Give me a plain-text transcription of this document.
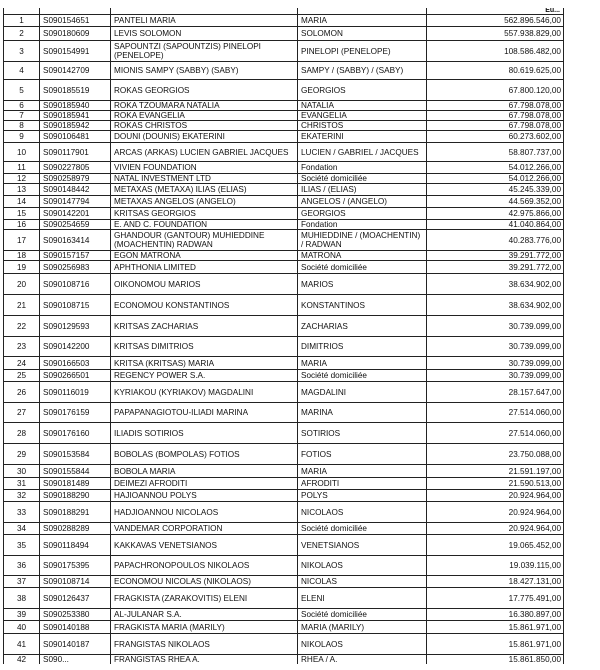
				Eu...
1	S090154651	PANTELI MARIA	MARIA	562.896.546,00
2	S090180609	LEVIS SOLOMON	SOLOMON	557.938.829,00
3	S090154991	SAPOUNTZI (SAPOUNTZIS) PINELOPI (PENELOPE)	PINELOPI (PENELOPE)	108.586.482,00
4	S090142709	MIONIS SAMPY (SABBY) (SABY)	SAMPY / (SABBY) / (SABY)	80.619.625,00
5	S090185519	ROKAS GEORGIOS	GEORGIOS	67.800.120,00
6	S090185940	ROKA TZOUMARA NATALIA	NATALIA	67.798.078,00
7	S090185941	ROKA EVANGELIA	EVANGELIA	67.798.078,00
8	S090185942	ROKAS CHRISTOS	CHRISTOS	67.798.078,00
9	S090106481	DOUNI (DOUNIS) EKATERINI	EKATERINI	60.273.602,00
10	S090117901	ARCAS (ARKAS) LUCIEN GABRIEL JACQUES	LUCIEN / GABRIEL / JACQUES	58.807.737,00
11	S090227805	VIVIEN FOUNDATION	Fondation	54.012.266,00
12	S090258979	NATAL INVESTMENT LTD	Société domiciliée	54.012.266,00
13	S090148442	METAXAS (METAXA) ILIAS (ELIAS)	ILIAS / (ELIAS)	45.245.339,00
14	S090147794	METAXAS ANGELOS (ANGELO)	ANGELOS / (ANGELO)	44.569.352,00
15	S090142201	KRITSAS GEORGIOS	GEORGIOS	42.975.866,00
16	S090254659	E. AND C. FOUNDATION	Fondation	41.040.864,00
17	S090163414	GHANDOUR (GANTOUR) MUHIEDDINE (MOACHENTIN) RADWAN	MUHIEDDINE / (MOACHENTIN) / RADWAN	40.283.776,00
18	S090157157	EGON MATRONA	MATRONA	39.291.772,00
19	S090256983	APHTHONIA LIMITED	Société domiciliée	39.291.772,00
20	S090108716	OIKONOMOU MARIOS	MARIOS	38.634.902,00
21	S090108715	ECONOMOU KONSTANTINOS	KONSTANTINOS	38.634.902,00
22	S090129593	KRITSAS ZACHARIAS	ZACHARIAS	30.739.099,00
23	S090142200	KRITSAS DIMITRIOS	DIMITRIOS	30.739.099,00
24	S090166503	KRITSA (KRITSAS) MARIA	MARIA	30.739.099,00
25	S090266501	REGENCY POWER S.A.	Société domiciliée	30.739.099,00
26	S090116019	KYRIAKOU (KYRIAKOV) MAGDALINI	MAGDALINI	28.157.647,00
27	S090176159	PAPAPANAGIOTOU-ILIADI MARINA	MARINA	27.514.060,00
28	S090176160	ILIADIS SOTIRIOS	SOTIRIOS	27.514.060,00
29	S090153584	BOBOLAS (BOMPOLAS) FOTIOS	FOTIOS	23.750.088,00
30	S090155844	BOBOLA MARIA	MARIA	21.591.197,00
31	S090181489	DEIMEZI AFRODITI	AFRODITI	21.590.513,00
32	S090188290	HAJIOANNOU POLYS	POLYS	20.924.964,00
33	S090188291	HADJIOANNOU NICOLAOS	NICOLAOS	20.924.964,00
34	S090288289	VANDEMAR CORPORATION	Société domiciliée	20.924.964,00
35	S090118494	KAKKAVAS VENETSIANOS	VENETSIANOS	19.065.452,00
36	S090175395	PAPACHRONOPOULOS NIKOLAOS	NIKOLAOS	19.039.115,00
37	S090108714	ECONOMOU NICOLAS (NIKOLAOS)	NICOLAS	18.427.131,00
38	S090126437	FRAGKISTA (ZARAKOVITIS) ELENI	ELENI	17.775.491,00
39	S090253380	AL-JULANAR S.A.	Société domiciliée	16.380.897,00
40	S090140188	FRAGKISTA MARIA (MARILY)	MARIA (MARILY)	15.861.971,00
41	S090140187	FRANGISTAS NIKOLAOS	NIKOLAOS	15.861.971,00
42	S090...	FRANGISTAS RHEA A.	RHEA / A.	15.861.850,00
